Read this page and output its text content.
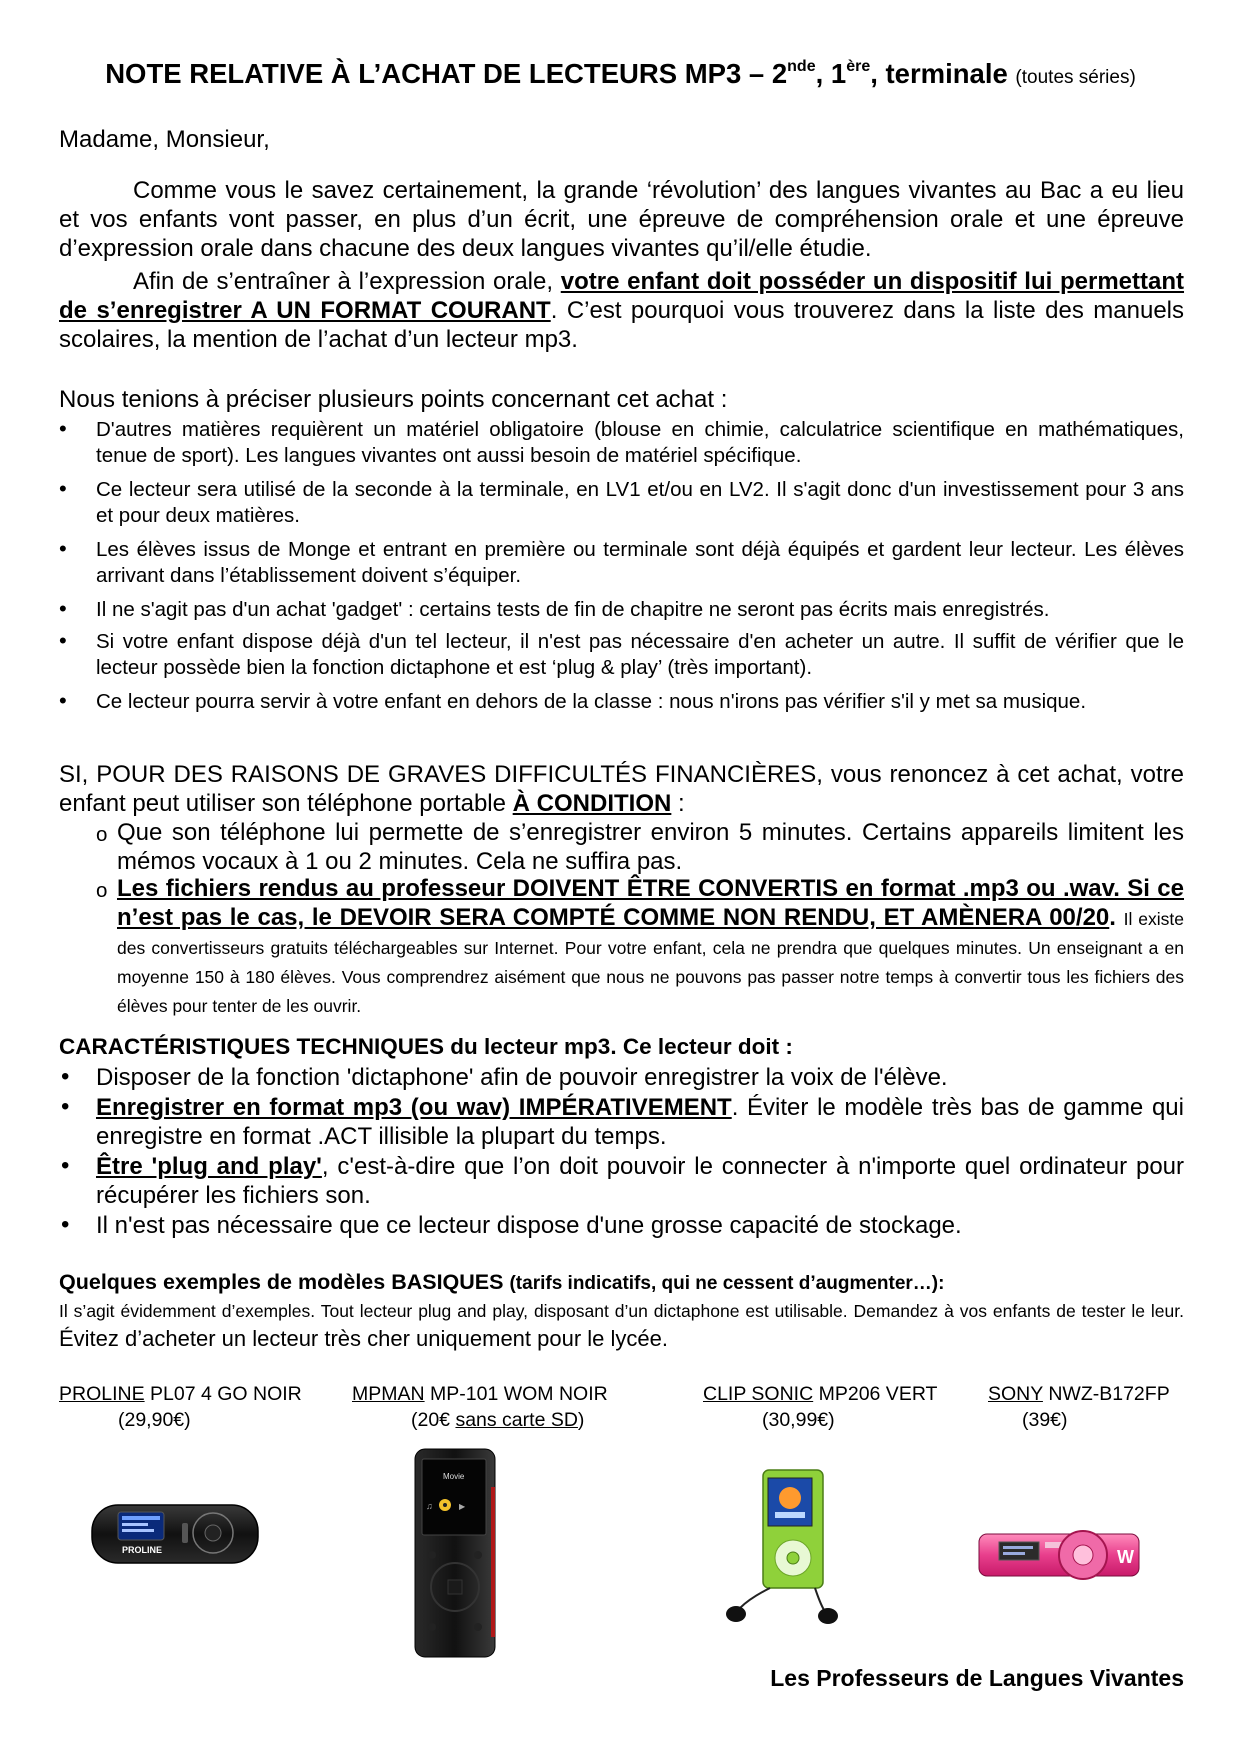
NOTE RELATIVE À L’ACHAT DE LECTEURS MP3 – 2nde, 1ère, terminale (toutes séries)
Madame, Monsieur,
Comme vous le savez certainement, la grande ‘révolution’ des langues vivantes au Bac a eu lieu et vos enfants vont passer, en plus d’un écrit, une épreuve de compréhension orale et une épreuve d’expression orale dans chacune des deux langues vivantes qu’il/elle étudie.
Afin de s’entraîner à l’expression orale, votre enfant doit posséder un dispositif lui permettant de s’enregistrer A UN FORMAT COURANT. C’est pourquoi vous trouverez dans la liste des manuels scolaires, la mention de l’achat d’un lecteur mp3.
Nous tenions à préciser plusieurs points concernant cet achat :
• D'autres matières requièrent un matériel obligatoire (blouse en chimie, calculatrice scientifique en mathématiques, tenue de sport). Les langues vivantes ont aussi besoin de matériel spécifique.
• Ce lecteur sera utilisé de la seconde à la terminale, en LV1 et/ou en LV2. Il s'agit donc d'un investissement pour 3 ans et pour deux matières.
• Les élèves issus de Monge et entrant en première ou terminale sont déjà équipés et gardent leur lecteur. Les élèves arrivant dans l’établissement doivent s’équiper.
• Il ne s'agit pas d'un achat 'gadget' : certains tests de fin de chapitre ne seront pas écrits mais enregistrés.
• Si votre enfant dispose déjà d'un tel lecteur, il n'est pas nécessaire d'en acheter un autre. Il suffit de vérifier que le lecteur possède bien la fonction dictaphone et est ‘plug & play’ (très important).
• Ce lecteur pourra servir à votre enfant en dehors de la classe : nous n'irons pas vérifier s'il y met sa musique.
SI, POUR DES RAISONS DE GRAVES DIFFICULTÉS FINANCIÈRES, vous renoncez à cet achat, votre enfant peut utiliser son téléphone portable À CONDITION :
o Que son téléphone lui permette de s’enregistrer environ 5 minutes. Certains appareils limitent les mémos vocaux à 1 ou 2 minutes. Cela ne suffira pas.
o Les fichiers rendus au professeur DOIVENT ÊTRE CONVERTIS en format .mp3 ou .wav. Si ce n’est pas le cas, le DEVOIR SERA COMPTÉ COMME NON RENDU, ET AMÈNERA 00/20. Il existe des convertisseurs gratuits téléchargeables sur Internet. Pour votre enfant, cela ne prendra que quelques minutes. Un enseignant a en moyenne 150 à 180 élèves. Vous comprendrez aisément que nous ne pouvons pas passer notre temps à convertir tous les fichiers des élèves pour tenter de les ouvrir.
CARACTÉRISTIQUES TECHNIQUES du lecteur mp3. Ce lecteur doit :
• Disposer de la fonction 'dictaphone' afin de pouvoir enregistrer la voix de l'élève.
• Enregistrer en format mp3 (ou wav) IMPÉRATIVEMENT. Éviter le modèle très bas de gamme qui enregistre en format .ACT illisible la plupart du temps.
• Être 'plug and play', c'est-à-dire que l’on doit pouvoir le connecter à n'importe quel ordinateur pour récupérer les fichiers son.
• Il n'est pas nécessaire que ce lecteur dispose d'une grosse capacité de stockage.
Quelques exemples de modèles BASIQUES (tarifs indicatifs, qui ne cessent d’augmenter…):
Il s’agit évidemment d’exemples. Tout lecteur plug and play, disposant d’un dictaphone est utilisable. Demandez à vos enfants de tester le leur. Évitez d’acheter un lecteur très cher uniquement pour le lycée.
PROLINE PL07 4 GO NOIR
(29,90€)
MPMAN MP-101 WOM NOIR
(20€ sans carte SD)
CLIP SONIC MP206 VERT
(30,99€)
SONY NWZ-B172FP
(39€)
PROLINE
Movie
♫	▶
W
Les Professeurs de Langues Vivantes
